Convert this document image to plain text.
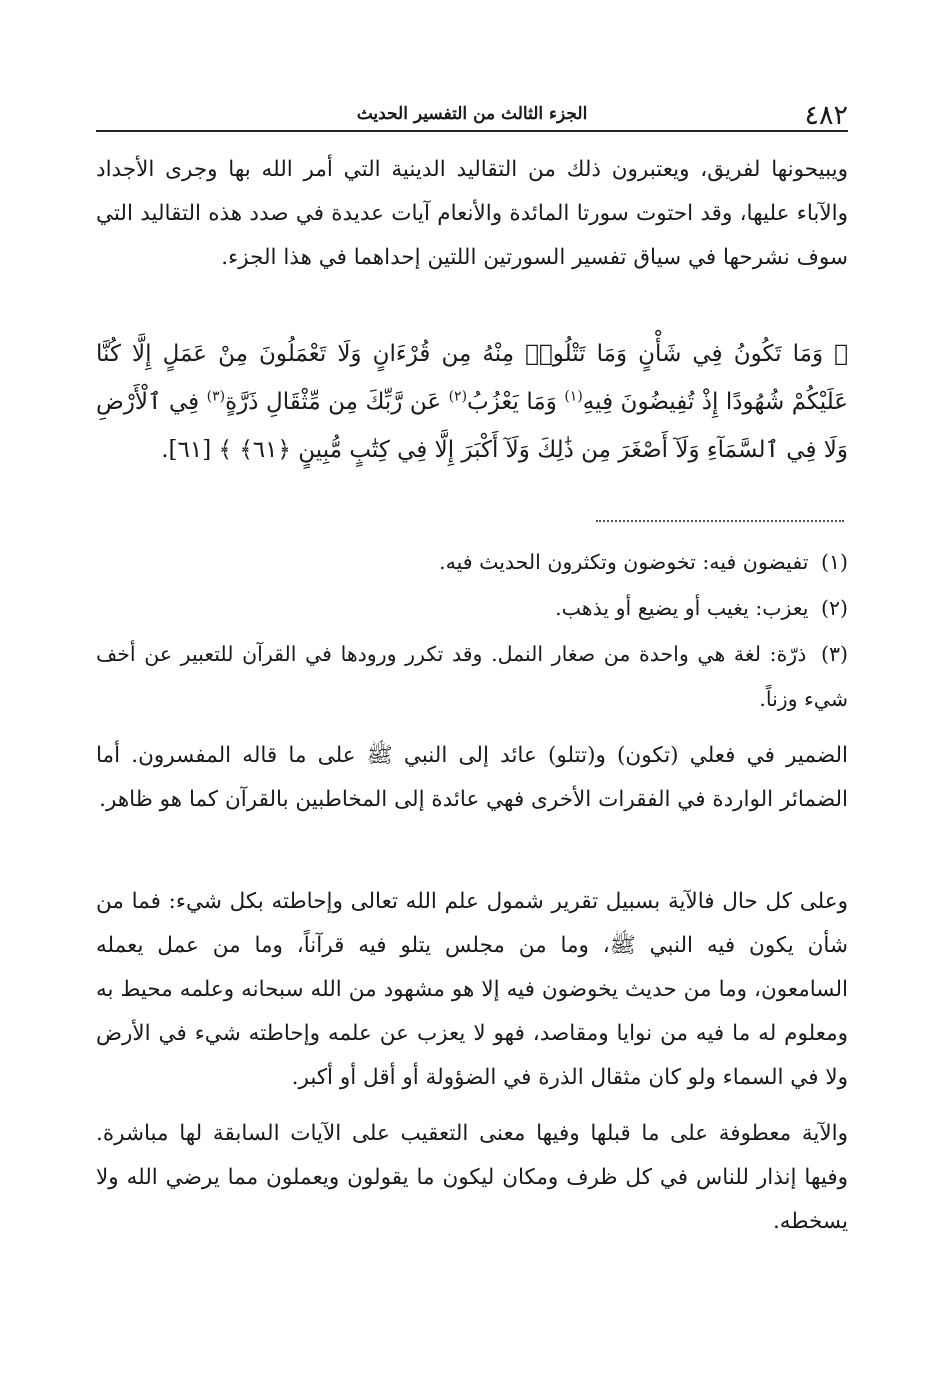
٤٨٢
الجزء الثالث من التفسير الحديث

ويبيحونها لفريق، ويعتبرون ذلك من التقاليد الدينية التي أمر الله بها وجرى الأجداد والآباء عليها، وقد احتوت سورتا المائدة والأنعام آيات عديدة في صدد هذه التقاليد التي سوف نشرحها في سياق تفسير السورتين اللتين إحداهما في هذا الجزء.

﴿ وَمَا تَكُونُ فِي شَأْنٍ وَمَا تَتْلُوا۟ مِنْهُ مِن قُرْءَانٍ وَلَا تَعْمَلُونَ مِنْ عَمَلٍ إِلَّا كُنَّا عَلَيْكُمْ شُهُودًا إِذْ تُفِيضُونَ فِيهِ$^{(١)}$ وَمَا يَعْزُبُ$^{(٢)}$ عَن رَّبِّكَ مِن مِّثْقَالِ ذَرَّةٍ$^{(٣)}$ فِي ٱلْأَرْضِ وَلَا فِي ٱلسَّمَآءِ وَلَآ أَصْغَرَ مِن ذَٰلِكَ وَلَآ أَكْبَرَ إِلَّا فِي كِتَٰبٍ مُّبِينٍ ﴿٦١﴾ ﴾ [٦١].

(١) تفيضون فيه: تخوضون وتكثرون الحديث فيه.

(٢) يعزب: يغيب أو يضيع أو يذهب.

(٣) ذرّة: لغة هي واحدة من صغار النمل. وقد تكرر ورودها في القرآن للتعبير عن أخف شيء وزناً.

الضمير في فعلي (تكون) و(تتلو) عائد إلى النبي ﷺ على ما قاله المفسرون. أما الضمائر الواردة في الفقرات الأخرى فهي عائدة إلى المخاطبين بالقرآن كما هو ظاهر.

وعلى كل حال فالآية بسبيل تقرير شمول علم الله تعالى وإحاطته بكل شيء: فما من شأن يكون فيه النبي ﷺ، وما من مجلس يتلو فيه قرآناً، وما من عمل يعمله السامعون، وما من حديث يخوضون فيه إلا هو مشهود من الله سبحانه وعلمه محيط به ومعلوم له ما فيه من نوايا ومقاصد، فهو لا يعزب عن علمه وإحاطته شيء في الأرض ولا في السماء ولو كان مثقال الذرة في الضؤولة أو أقل أو أكبر.

والآية معطوفة على ما قبلها وفيها معنى التعقيب على الآيات السابقة لها مباشرة. وفيها إنذار للناس في كل ظرف ومكان ليكون ما يقولون ويعملون مما يرضي الله ولا يسخطه.
